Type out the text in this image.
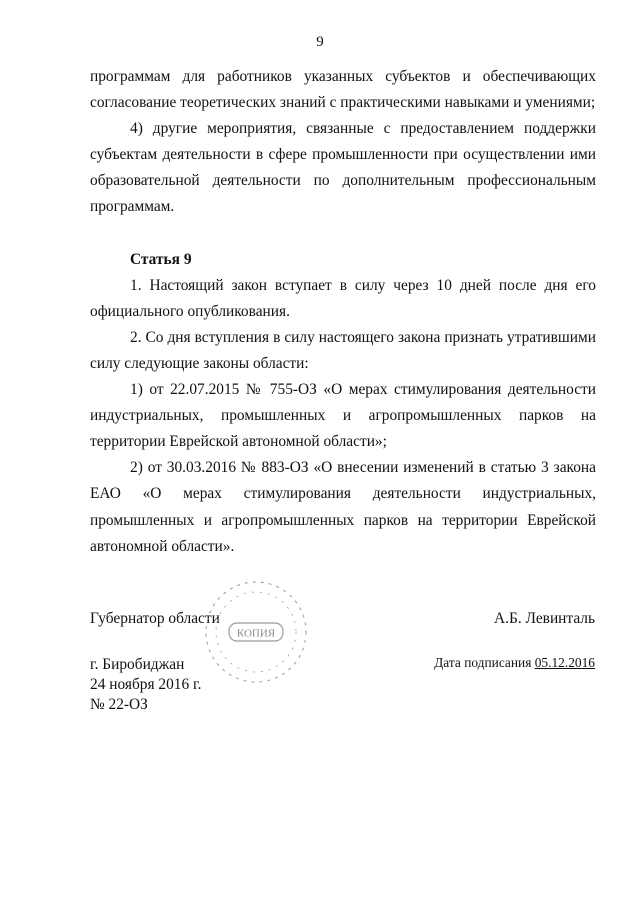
9

программам для работников указанных субъектов и обеспечивающих согласование теоретических знаний с практическими навыками и умениями;

4) другие мероприятия, связанные с предоставлением поддержки субъектам деятельности в сфере промышленности при осуществлении ими образовательной деятельности по дополнительным профессиональным программам.

Статья 9

1. Настоящий закон вступает в силу через 10 дней после дня его официального опубликования.

2. Со дня вступления в силу настоящего закона признать утратившими силу следующие законы области:

1) от 22.07.2015 № 755-ОЗ «О мерах стимулирования деятельности индустриальных, промышленных и агропромышленных парков на территории Еврейской автономной области»;

2) от 30.03.2016 № 883-ОЗ «О внесении изменений в статью 3 закона ЕАО «О мерах стимулирования деятельности индустриальных, промышленных и агропромышленных парков на территории Еврейской автономной области».

Губернатор области
КОПИЯ
А.Б. Левинталь
г. Биробиджан
24 ноября 2016 г.
№ 22-ОЗ
Дата подписания 05.12.2016
